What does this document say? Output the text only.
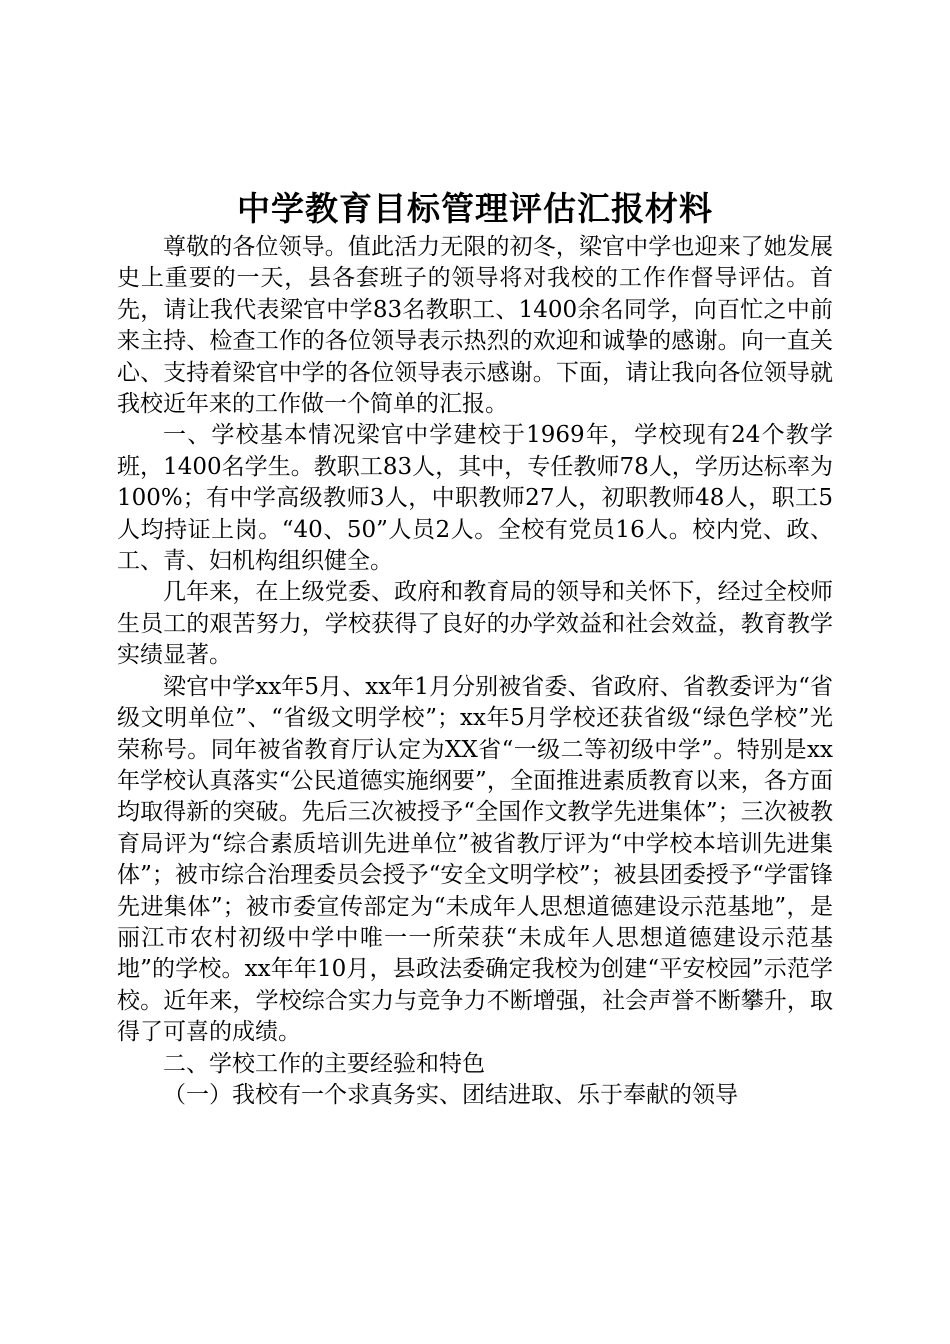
中学教育目标管理评估汇报材料

尊敬的各位领导。值此活力无限的初冬，梁官中学也迎来了她发展史上重要的一天，县各套班子的领导将对我校的工作作督导评估。首先，请让我代表梁官中学83名教职工、1400余名同学，向百忙之中前来主持、检查工作的各位领导表示热烈的欢迎和诚挚的感谢。向一直关心、支持着梁官中学的各位领导表示感谢。下面，请让我向各位领导就我校近年来的工作做一个简单的汇报。

一、学校基本情况梁官中学建校于1969年，学校现有24个教学班，1400名学生。教职工83人，其中，专任教师78人，学历达标率为100%；有中学高级教师3人，中职教师27人，初职教师48人，职工5人均持证上岗。“40、50”人员2人。全校有党员16人。校内党、政、工、青、妇机构组织健全。

几年来，在上级党委、政府和教育局的领导和关怀下，经过全校师生员工的艰苦努力，学校获得了良好的办学效益和社会效益，教育教学实绩显著。

梁官中学xx年5月、xx年1月分别被省委、省政府、省教委评为“省级文明单位”、“省级文明学校”；xx年5月学校还获省级“绿色学校”光荣称号。同年被省教育厅认定为XX省“一级二等初级中学”。特别是xx年学校认真落实“公民道德实施纲要”，全面推进素质教育以来，各方面均取得新的突破。先后三次被授予“全国作文教学先进集体”；三次被教育局评为“综合素质培训先进单位”被省教厅评为“中学校本培训先进集体”；被市综合治理委员会授予“安全文明学校”；被县团委授予“学雷锋先进集体”；被市委宣传部定为“未成年人思想道德建设示范基地”，是丽江市农村初级中学中唯一一所荣获“未成年人思想道德建设示范基地”的学校。xx年年10月，县政法委确定我校为创建“平安校园”示范学校。近年来，学校综合实力与竞争力不断增强，社会声誉不断攀升，取得了可喜的成绩。

二、学校工作的主要经验和特色

（一）我校有一个求真务实、团结进取、乐于奉献的领导
